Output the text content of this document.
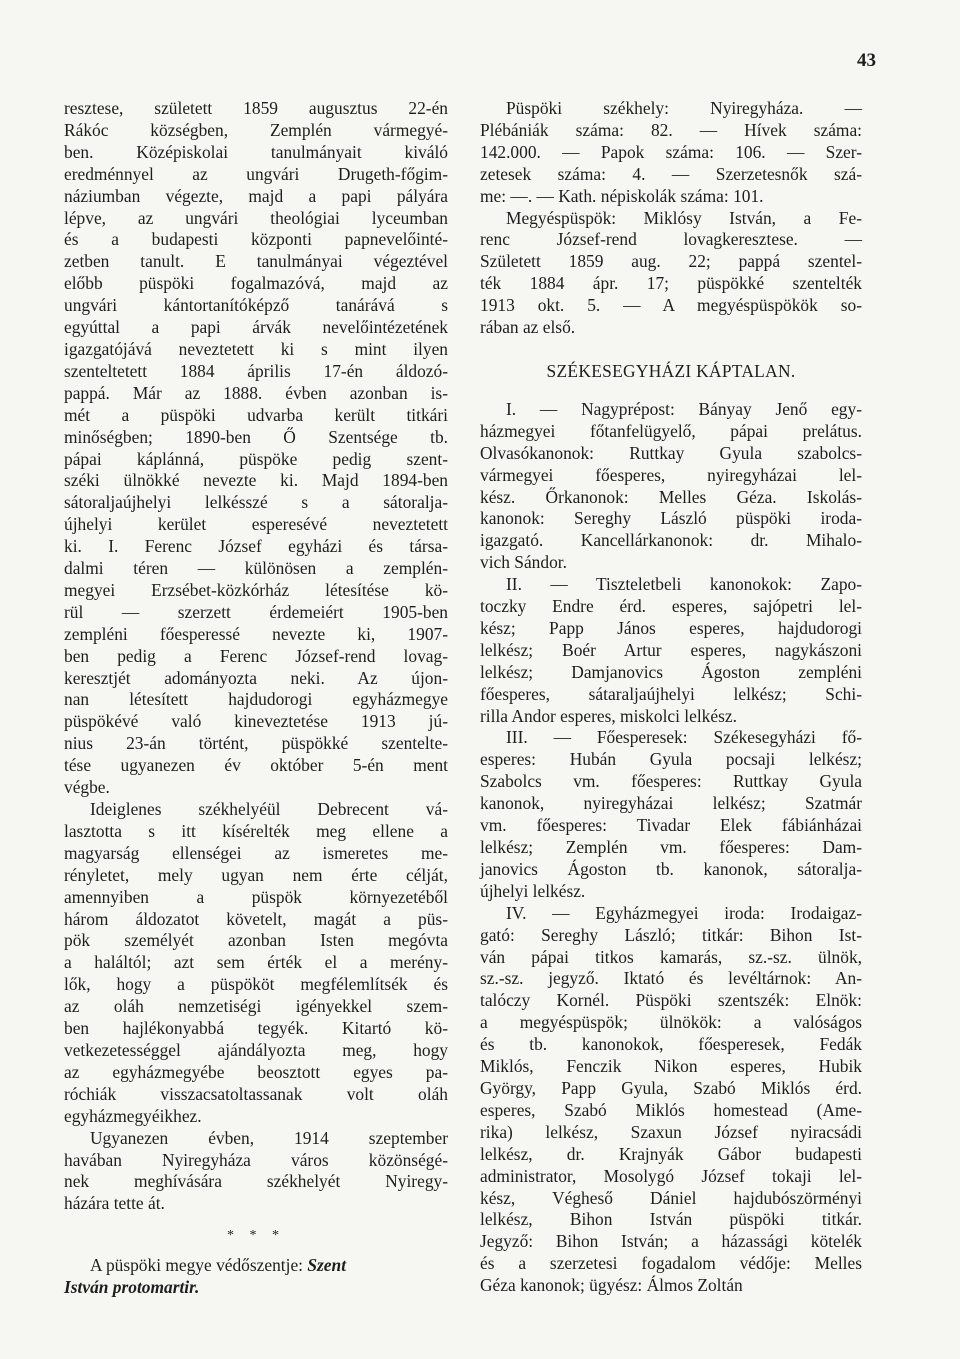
43

resztese, született 1859 augusztus 22-én
Rákóc községben, Zemplén vármegyé-
ben. Középiskolai tanulmányait kiváló
eredménnyel az ungvári Drugeth-főgim-
náziumban végezte, majd a papi pályára
lépve, az ungvári theológiai lyceumban
és a budapesti központi papnevelőinté-
zetben tanult. E tanulmányai végeztével
előbb püspöki fogalmazóvá, majd az
ungvári kántortanítóképző tanárává s
egyúttal a papi árvák nevelőintézetének
igazgatójává neveztetett ki s mint ilyen
szenteltetett 1884 április 17-én áldozó-
pappá. Már az 1888. évben azonban is-
mét a püspöki udvarba került titkári
minőségben; 1890-ben Ő Szentsége tb.
pápai káplánná, püspöke pedig szent-
széki ülnökké nevezte ki. Majd 1894-ben
sátoraljaújhelyi lelkésszé s a sátoralja-
újhelyi kerület esperesévé neveztetett
ki. I. Ferenc József egyházi és társa-
dalmi téren — különösen a zemplén-
megyei Erzsébet-közkórház létesítése kö-
rül — szerzett érdemeiért 1905-ben
zempléni főesperessé nevezte ki, 1907-
ben pedig a Ferenc József-rend lovag-
keresztjét adományozta neki. Az újon-
nan létesített hajdudorogi egyházmegye
püspökévé való kineveztetése 1913 jú-
nius 23-án történt, püspökké szentelte-
tése ugyanezen év október 5-én ment
végbe.

Ideiglenes székhelyéül Debrecent vá-
lasztotta s itt kísérelték meg ellene a
magyarság ellenségei az ismeretes me-
rényletet, mely ugyan nem érte célját,
amennyiben a püspök környezetéből
három áldozatot követelt, magát a püs-
pök személyét azonban Isten megóvta
a haláltól; azt sem érték el a merény-
lők, hogy a püspököt megfélemlítsék és
az oláh nemzetiségi igényekkel szem-
ben hajlékonyabbá tegyék. Kitartó kö-
vetkezetességgel ajándályozta meg, hogy
az egyházmegyébe beosztott egyes pa-
róchiák visszacsatoltassanak volt oláh
egyházmegyéikhez.

Ugyanezen évben, 1914 szeptember
havában Nyiregyháza város közönségé-
nek meghívására székhelyét Nyiregy-
házára tette át.

* * *

A püspöki megye védőszentje: Szent
István protomartir.

Püspöki székhely: Nyiregyháza. —
Plébániák száma: 82. — Hívek száma:
142.000. — Papok száma: 106. — Szer-
zetesek száma: 4. — Szerzetesnők szá-
me: —. — Kath. népiskolák száma: 101.

Megyéspüspök: Miklósy István, a Fe-
renc József-rend lovagkeresztese. —
Született 1859 aug. 22; pappá szentel-
ték 1884 ápr. 17; püspökké szentelték
1913 okt. 5. — A megyéspüspökök so-
rában az első.

SZÉKESEGYHÁZI KÁPTALAN.

I. — Nagyprépost: Bányay Jenő egy-
házmegyei főtanfelügyelő, pápai prelátus.
Olvasókanonok: Ruttkay Gyula szabolcs-
vármegyei főesperes, nyiregyházai lel-
kész. Őrkanonok: Melles Géza. Iskolás-
kanonok: Sereghy László püspöki iroda-
igazgató. Kancellárkanonok: dr. Mihalo-
vich Sándor.

II. — Tiszteletbeli kanonokok: Zapo-
toczky Endre érd. esperes, sajópetri lel-
kész; Papp János esperes, hajdudorogi
lelkész; Boér Artur esperes, nagykászoni
lelkész; Damjanovics Ágoston zempléni
főesperes, sátaraljaújhelyi lelkész; Schi-
rilla Andor esperes, miskolci lelkész.

III. — Főesperesek: Székesegyházi fő-
esperes: Hubán Gyula pocsaji lelkész;
Szabolcs vm. főesperes: Ruttkay Gyula
kanonok, nyiregyházai lelkész; Szatmár
vm. főesperes: Tivadar Elek fábiánházai
lelkész; Zemplén vm. főesperes: Dam-
janovics Ágoston tb. kanonok, sátoralja-
újhelyi lelkész.

IV. — Egyházmegyei iroda: Irodaigaz-
gató: Sereghy László; titkár: Bihon Ist-
ván pápai titkos kamarás, sz.-sz. ülnök,
sz.-sz. jegyző. Iktató és levéltárnok: An-
talóczy Kornél. Püspöki szentszék: Elnök:
a megyéspüspök; ülnökök: a valóságos
és tb. kanonokok, főesperesek, Fedák
Miklós, Fenczik Nikon esperes, Hubik
György, Papp Gyula, Szabó Miklós érd.
esperes, Szabó Miklós homestead (Ame-
rika) lelkész, Szaxun József nyiracsádi
lelkész, dr. Krajnyák Gábor budapesti
administrator, Mosolygó József tokaji lel-
kész, Végheső Dániel hajdubószörményi
lelkész, Bihon István püspöki titkár.
Jegyző: Bihon István; a házassági kötelék
és a szerzetesi fogadalom védője: Melles
Géza kanonok; ügyész: Álmos Zoltán
